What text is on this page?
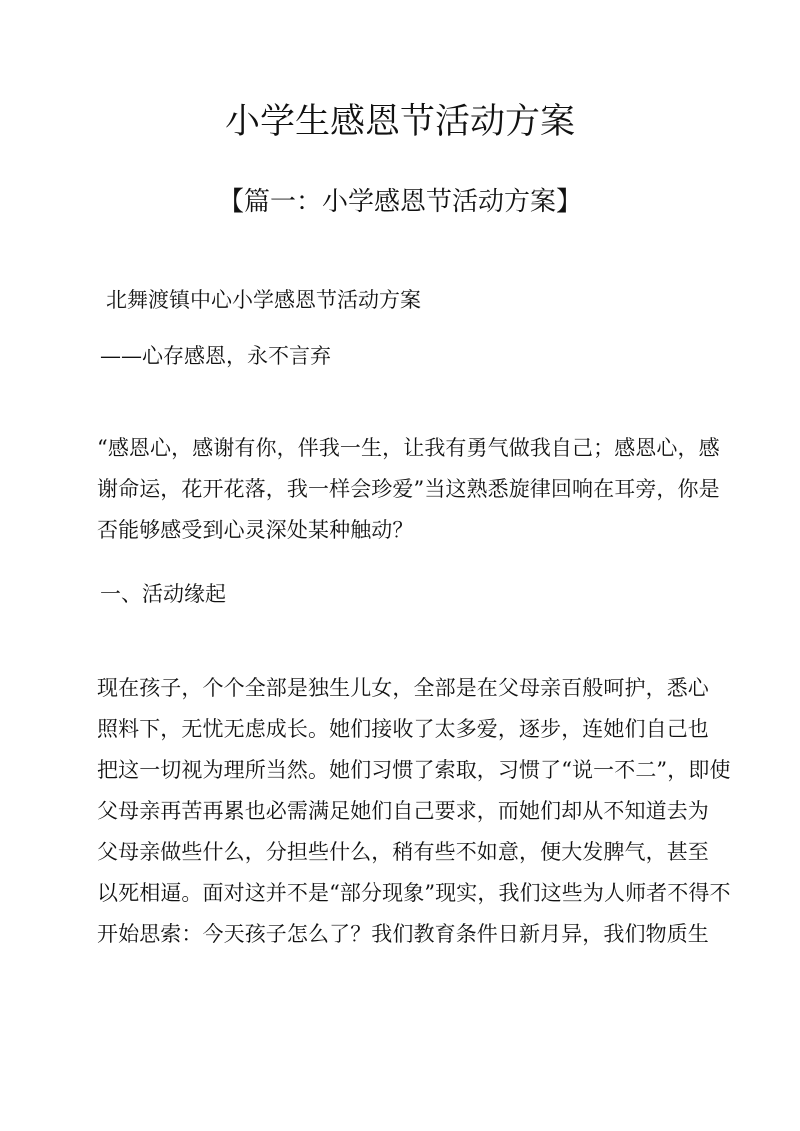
小学生感恩节活动方案
【篇一：小学感恩节活动方案】
北舞渡镇中心小学感恩节活动方案
——心存感恩，永不言弃
“感恩心，感谢有你，伴我一生，让我有勇气做我自己；感恩心，感
谢命运，花开花落，我一样会珍爱”当这熟悉旋律回响在耳旁，你是
否能够感受到心灵深处某种触动？
一、活动缘起
现在孩子，个个全部是独生儿女，全部是在父母亲百般呵护，悉心
照料下，无忧无虑成长。她们接收了太多爱，逐步，连她们自己也
把这一切视为理所当然。她们习惯了索取，习惯了“说一不二”，即使
父母亲再苦再累也必需满足她们自己要求，而她们却从不知道去为
父母亲做些什么，分担些什么，稍有些不如意，便大发脾气，甚至
以死相逼。面对这并不是“部分现象”现实，我们这些为人师者不得不
开始思索：今天孩子怎么了？我们教育条件日新月异，我们物质生
